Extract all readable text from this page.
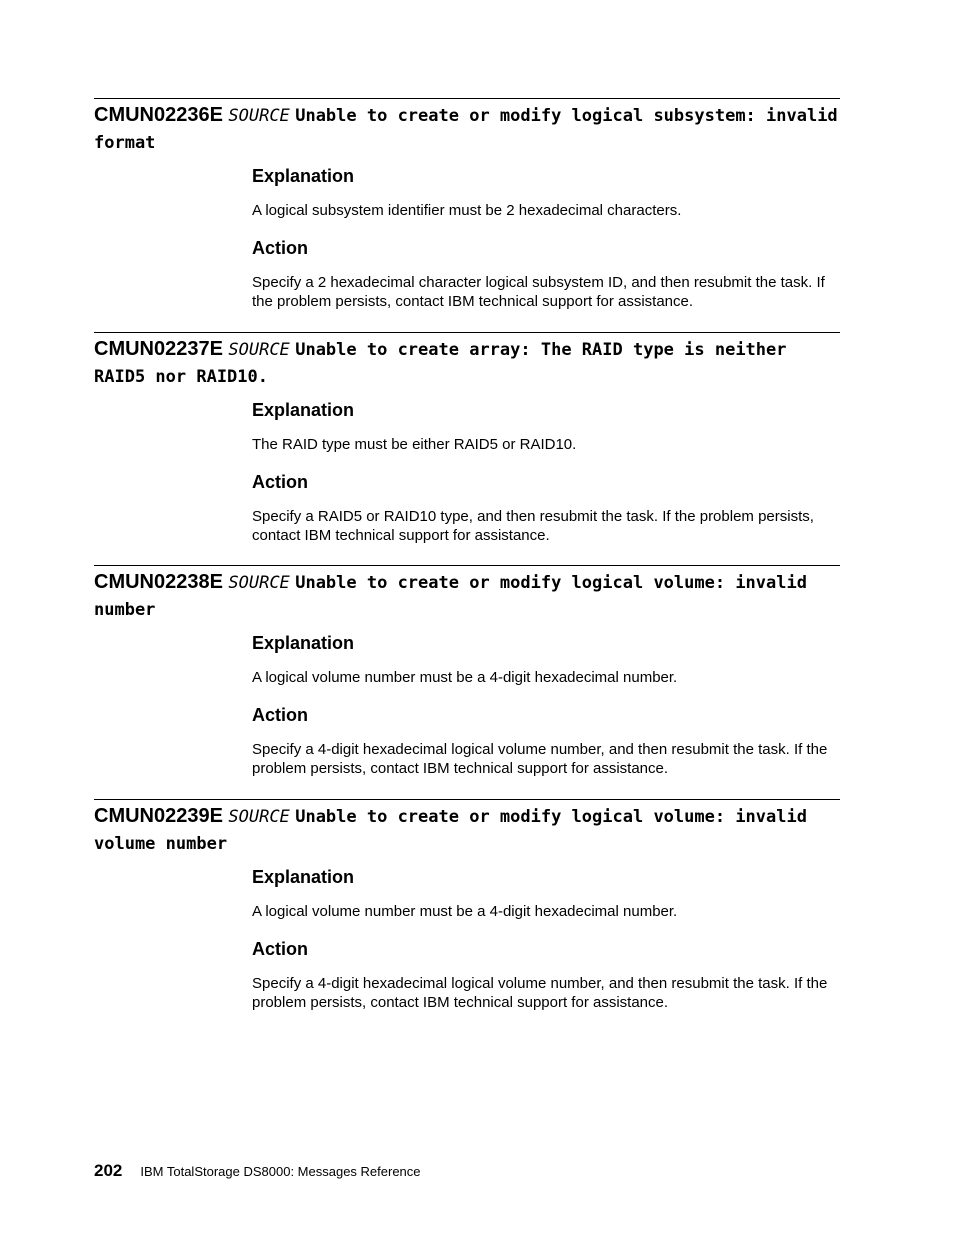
CMUN02236E SOURCE Unable to create or modify logical subsystem: invalid format
Explanation

A logical subsystem identifier must be 2 hexadecimal characters.

Action

Specify a 2 hexadecimal character logical subsystem ID, and then resubmit the task. If the problem persists, contact IBM technical support for assistance.

CMUN02237E SOURCE Unable to create array: The RAID type is neither RAID5 nor RAID10.
Explanation

The RAID type must be either RAID5 or RAID10.

Action

Specify a RAID5 or RAID10 type, and then resubmit the task. If the problem persists, contact IBM technical support for assistance.

CMUN02238E SOURCE Unable to create or modify logical volume: invalid number
Explanation

A logical volume number must be a 4-digit hexadecimal number.

Action

Specify a 4-digit hexadecimal logical volume number, and then resubmit the task. If the problem persists, contact IBM technical support for assistance.

CMUN02239E SOURCE Unable to create or modify logical volume: invalid volume number
Explanation

A logical volume number must be a 4-digit hexadecimal number.

Action

Specify a 4-digit hexadecimal logical volume number, and then resubmit the task. If the problem persists, contact IBM technical support for assistance.

202 IBM TotalStorage DS8000: Messages Reference
